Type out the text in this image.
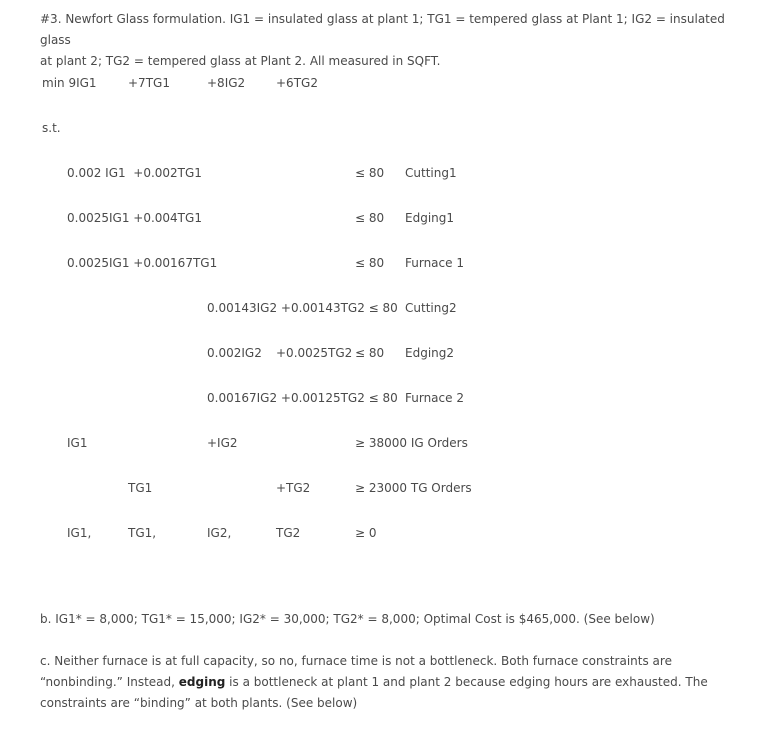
#3. Newfort Glass formulation. IG1 = insulated glass at plant 1; TG1 = tempered glass at Plant 1; IG2 = insulated glass
at plant 2; TG2 = tempered glass at Plant 2. All measured in SQFT.
min 9IG1	+7TG1	+8IG2	+6TG2
s.t.
0.002 IG1  +0.002TG1	≤ 80 Cutting1
0.0025IG1 +0.004TG1	≤ 80 Edging1
0.0025IG1 +0.00167TG1	≤ 80 Furnace 1
0.00143IG2 +0.00143TG2 ≤ 80 Cutting2
0.002IG2 +0.0025TG2 ≤ 80 Edging2
0.00167IG2 +0.00125TG2 ≤ 80 Furnace 2
IG1	+IG2	≥ 38000 IG Orders
TG1	+TG2	≥ 23000 TG Orders
IG1,	TG1,	IG2,	TG2	≥ 0
b. IG1* = 8,000; TG1* = 15,000; IG2* = 30,000; TG2* = 8,000; Optimal Cost is $465,000. (See below)
c. Neither furnace is at full capacity, so no, furnace time is not a bottleneck. Both furnace constraints are “nonbinding.” Instead, edging is a bottleneck at plant 1 and plant 2 because edging hours are exhausted. The constraints are “binding” at both plants. (See below)
